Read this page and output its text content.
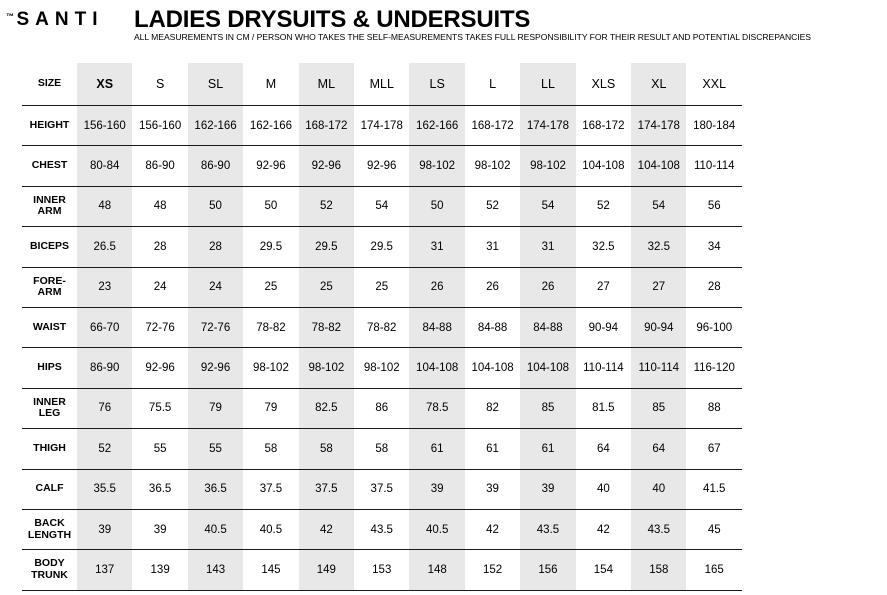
™ SANTI LADIES DRYSUITS & UNDERSUITS
ALL MEASUREMENTS IN CM / PERSON WHO TAKES THE SELF-MEASUREMENTS TAKES FULL RESPONSIBILITY FOR THEIR RESULT AND POTENTIAL DISCREPANCIES
SIZE	XS	S	SL	M	ML	MLL	LS	L	LL	XLS	XL	XXL
HEIGHT	156-160	156-160	162-166	162-166	168-172	174-178	162-166	168-172	174-178	168-172	174-178	180-184
CHEST	80-84	86-90	86-90	92-96	92-96	92-96	98-102	98-102	98-102	104-108	104-108	110-114
INNER
ARM	48	48	50	50	52	54	50	52	54	52	54	56
BICEPS	26.5	28	28	29.5	29.5	29.5	31	31	31	32.5	32.5	34
FORE-
ARM	23	24	24	25	25	25	26	26	26	27	27	28
WAIST	66-70	72-76	72-76	78-82	78-82	78-82	84-88	84-88	84-88	90-94	90-94	96-100
HIPS	86-90	92-96	92-96	98-102	98-102	98-102	104-108	104-108	104-108	110-114	110-114	116-120
INNER
LEG	76	75.5	79	79	82.5	86	78.5	82	85	81.5	85	88
THIGH	52	55	55	58	58	58	61	61	61	64	64	67
CALF	35.5	36.5	36.5	37.5	37.5	37.5	39	39	39	40	40	41.5
BACK
LENGTH	39	39	40.5	40.5	42	43.5	40.5	42	43.5	42	43.5	45
BODY
TRUNK	137	139	143	145	149	153	148	152	156	154	158	165
